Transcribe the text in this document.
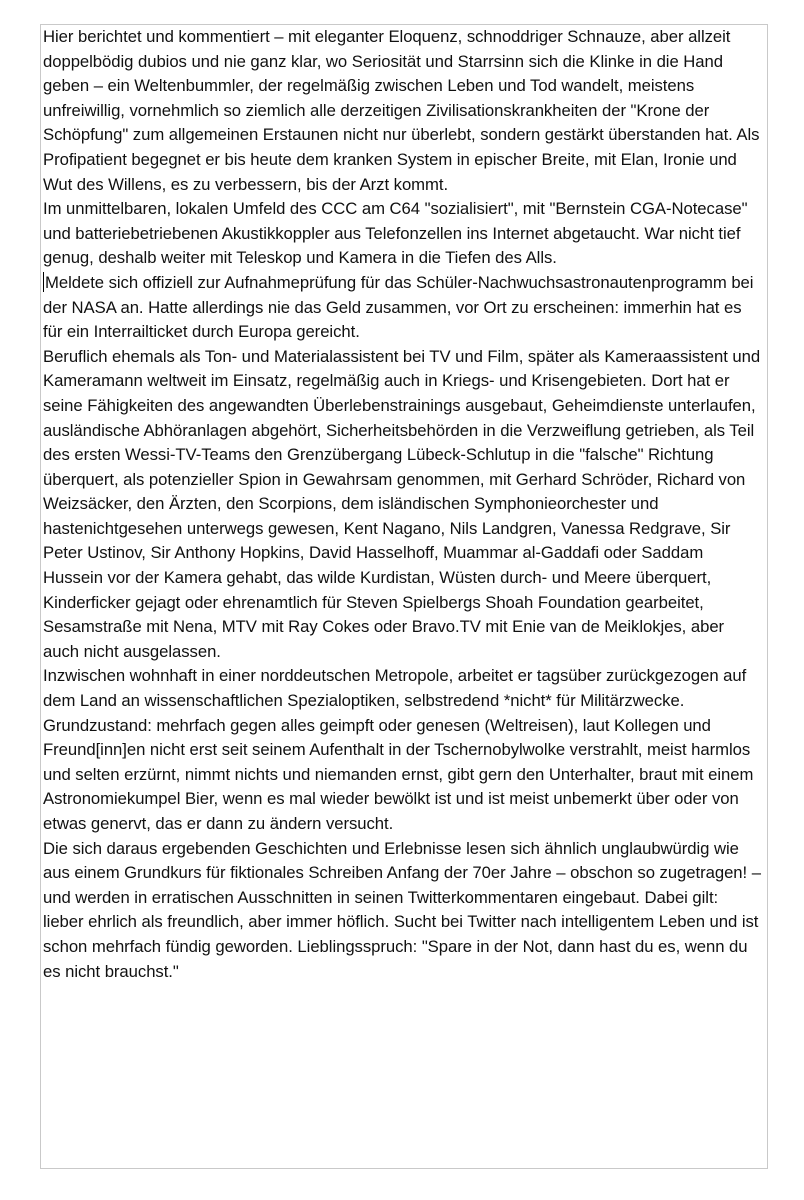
Hier berichtet und kommentiert – mit eleganter Eloquenz, schnoddriger Schnauze, aber allzeit doppelbödig dubios und nie ganz klar, wo Seriosität und Starrsinn sich die Klinke in die Hand geben – ein Weltenbummler, der regelmäßig zwischen Leben und Tod wandelt, meistens unfreiwillig, vornehmlich so ziemlich alle derzeitigen Zivilisationskrankheiten der "Krone der Schöpfung" zum allgemeinen Erstaunen nicht nur überlebt, sondern gestärkt überstanden hat. Als Profipatient begegnet er bis heute dem kranken System in epischer Breite, mit Elan, Ironie und Wut des Willens, es zu verbessern, bis der Arzt kommt.

Im unmittelbaren, lokalen Umfeld des CCC am C64 "sozialisiert", mit "Bernstein CGA-Notecase" und batteriebetriebenen Akustikkoppler aus Telefonzellen ins Internet abgetaucht. War nicht tief genug, deshalb weiter mit Teleskop und Kamera in die Tiefen des Alls.

Meldete sich offiziell zur Aufnahmeprüfung für das Schüler-Nachwuchsastronautenprogramm bei der NASA an. Hatte allerdings nie das Geld zusammen, vor Ort zu erscheinen: immerhin hat es für ein Interrailticket durch Europa gereicht.

Beruflich ehemals als Ton- und Materialassistent bei TV und Film, später als Kameraassistent und Kameramann weltweit im Einsatz, regelmäßig auch in Kriegs- und Krisengebieten. Dort hat er seine Fähigkeiten des angewandten Überlebenstrainings ausgebaut, Geheimdienste unterlaufen, ausländische Abhöranlagen abgehört, Sicherheitsbehörden in die Verzweiflung getrieben, als Teil des ersten Wessi-TV-Teams den Grenzübergang Lübeck-Schlutup in die "falsche" Richtung überquert, als potenzieller Spion in Gewahrsam genommen, mit Gerhard Schröder, Richard von Weizsäcker, den Ärzten, den Scorpions, dem isländischen Symphonieorchester und hastenichtgesehen unterwegs gewesen, Kent Nagano, Nils Landgren, Vanessa Redgrave, Sir Peter Ustinov, Sir Anthony Hopkins, David Hasselhoff, Muammar al-Gaddafi oder Saddam Hussein vor der Kamera gehabt, das wilde Kurdistan, Wüsten durch- und Meere überquert, Kinderficker gejagt oder ehrenamtlich für Steven Spielbergs Shoah Foundation gearbeitet, Sesamstraße mit Nena, MTV mit Ray Cokes oder Bravo.TV mit Enie van de Meiklokjes, aber auch nicht ausgelassen.

Inzwischen wohnhaft in einer norddeutschen Metropole, arbeitet er tagsüber zurückgezogen auf dem Land an wissenschaftlichen Spezialoptiken, selbstredend *nicht* für Militärzwecke.

Grundzustand: mehrfach gegen alles geimpft oder genesen (Weltreisen), laut Kollegen und Freund[inn]en nicht erst seit seinem Aufenthalt in der Tschernobylwolke verstrahlt, meist harmlos und selten erzürnt, nimmt nichts und niemanden ernst, gibt gern den Unterhalter, braut mit einem Astronomiekumpel Bier, wenn es mal wieder bewölkt ist und ist meist unbemerkt über oder von etwas genervt, das er dann zu ändern versucht.

Die sich daraus ergebenden Geschichten und Erlebnisse lesen sich ähnlich unglaubwürdig wie aus einem Grundkurs für fiktionales Schreiben Anfang der 70er Jahre – obschon so zugetragen! – und werden in erratischen Ausschnitten in seinen Twitterkommentaren eingebaut. Dabei gilt: lieber ehrlich als freundlich, aber immer höflich. Sucht bei Twitter nach intelligentem Leben und ist schon mehrfach fündig geworden. Lieblingsspruch: "Spare in der Not, dann hast du es, wenn du es nicht brauchst."
